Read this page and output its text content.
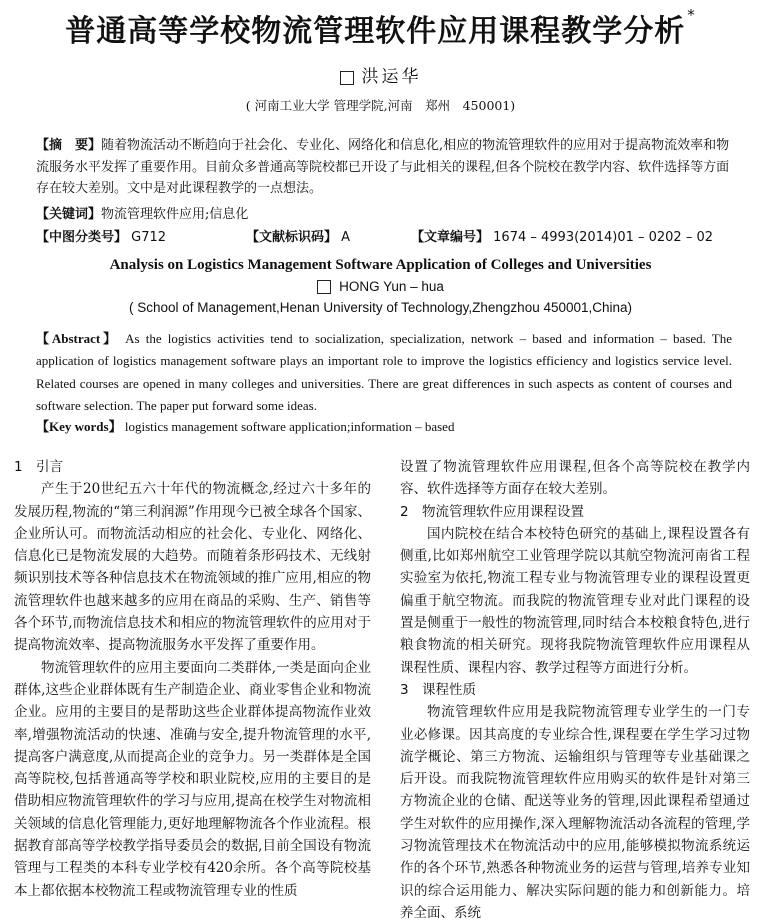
普通高等学校物流管理软件应用课程教学分析 *
洪运华
( 河南工业大学 管理学院,河南　郑州　450001)
【摘　要】随着物流活动不断趋向于社会化、专业化、网络化和信息化,相应的物流管理软件的应用对于提高物流效率和物流服务水平发挥了重要作用。目前众多普通高等院校都已开设了与此相关的课程,但各个院校在教学内容、软件选择等方面存在较大差别。文中是对此课程教学的一点想法。
【关键词】物流管理软件应用;信息化
【中图分类号】 G712	【文献标识码】 A	【文章编号】 1674 – 4993(2014)01 – 0202 – 02
Analysis on Logistics Management Software Application of Colleges and Universities
HONG Yun – hua
( School of Management,Henan University of Technology,Zhengzhou 450001,China)
【Abstract】 As the logistics activities tend to socialization, specialization, network – based and information – based. The application of logistics management software plays an important role to improve the logistics efficiency and logistics service level. Related courses are opened in many colleges and universities. There are great differences in such aspects as content of courses and software selection. The paper put forward some ideas.
【Key words】 logistics management software application;information – based
1 引言

产生于20世纪五六十年代的物流概念,经过六十多年的发展历程,物流的“第三利润源”作用现今已被全球各个国家、企业所认可。而物流活动相应的社会化、专业化、网络化、信息化已是物流发展的大趋势。而随着条形码技术、无线射频识别技术等各种信息技术在物流领域的推广应用,相应的物流管理软件也越来越多的应用在商品的采购、生产、销售等各个环节,而物流信息技术和相应的物流管理软件的应用对于提高物流效率、提高物流服务水平发挥了重要作用。

物流管理软件的应用主要面向二类群体,一类是面向企业群体,这些企业群体既有生产制造企业、商业零售企业和物流企业。应用的主要目的是帮助这些企业群体提高物流作业效率,增强物流活动的快速、准确与安全,提升物流管理的水平,提高客户满意度,从而提高企业的竞争力。另一类群体是全国高等院校,包括普通高等学校和职业院校,应用的主要目的是借助相应物流管理软件的学习与应用,提高在校学生对物流相关领域的信息化管理能力,更好地理解物流各个作业流程。根据教育部高等学校教学指导委员会的数据,目前全国设有物流管理与工程类的本科专业学校有420余所。各个高等院校基本上都依据本校物流工程或物流管理专业的性质

设置了物流管理软件应用课程,但各个高等院校在教学内容、软件选择等方面存在较大差别。

2 物流管理软件应用课程设置

国内院校在结合本校特色研究的基础上,课程设置各有侧重,比如郑州航空工业管理学院以其航空物流河南省工程实验室为依托,物流工程专业与物流管理专业的课程设置更偏重于航空物流。而我院的物流管理专业对此门课程的设置是侧重于一般性的物流管理,同时结合本校粮食特色,进行粮食物流的相关研究。现将我院物流管理软件应用课程从课程性质、课程内容、教学过程等方面进行分析。

3 课程性质

物流管理软件应用是我院物流管理专业学生的一门专业必修课。因其高度的专业综合性,课程要在学生学习过物流学概论、第三方物流、运输组织与管理等专业基础课之后开设。而我院物流管理软件应用购买的软件是针对第三方物流企业的仓储、配送等业务的管理,因此课程希望通过学生对软件的应用操作,深入理解物流活动各流程的管理,学习物流管理技术在物流活动中的应用,能够模拟物流系统运作的各个环节,熟悉各种物流业务的运营与管理,培养专业知识的综合运用能力、解决实际问题的能力和创新能力。培养全面、系统
